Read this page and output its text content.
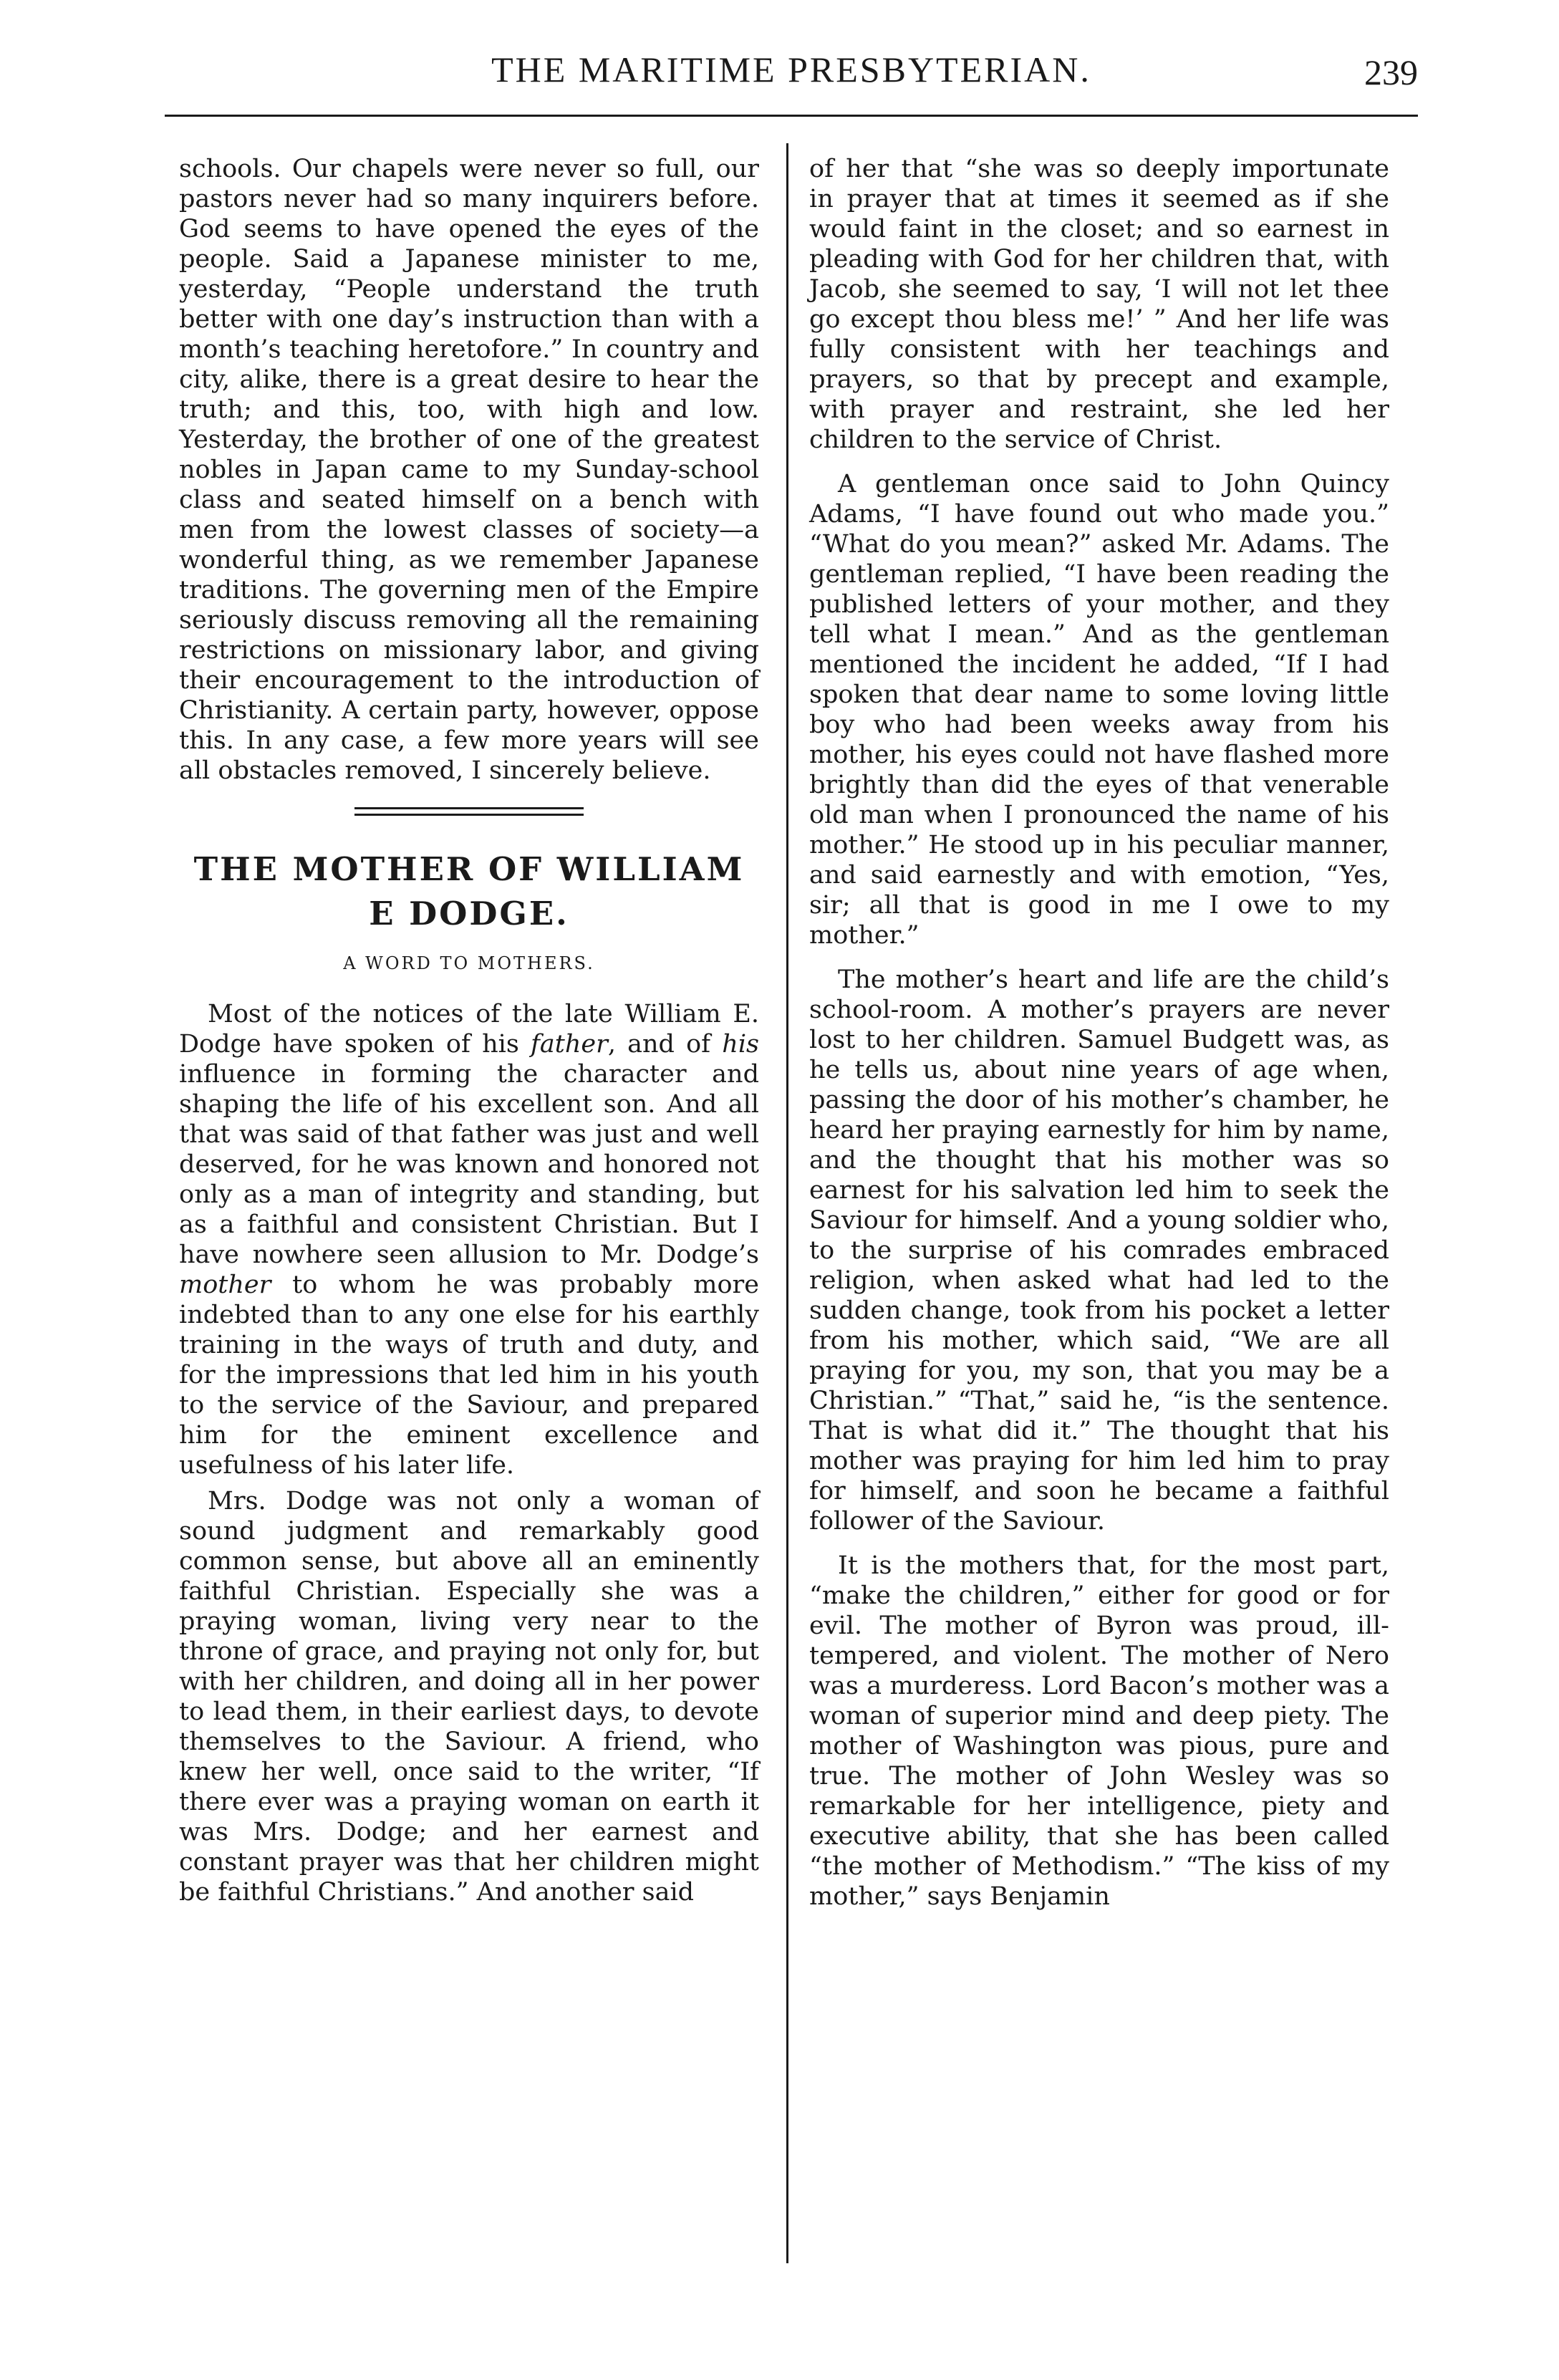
THE MARITIME PRESBYTERIAN.	239

schools. Our chapels were never so full, our pastors never had so many inquirers before. God seems to have opened the eyes of the people. Said a Japanese minister to me, yesterday, “People understand the truth better with one day’s instruction than with a month’s teaching heretofore.” In country and city, alike, there is a great desire to hear the truth; and this, too, with high and low. Yesterday, the brother of one of the greatest nobles in Japan came to my Sunday-school class and seated himself on a bench with men from the lowest classes of society—a wonderful thing, as we remember Japanese traditions. The governing men of the Empire seriously discuss removing all the remaining restrictions on missionary labor, and giving their encouragement to the introduction of Christianity. A certain party, however, oppose this. In any case, a few more years will see all obstacles removed, I sincerely believe.

THE MOTHER OF WILLIAM E DODGE.
A WORD TO MOTHERS.

Most of the notices of the late William E. Dodge have spoken of his father, and of his influence in forming the character and shaping the life of his excellent son. And all that was said of that father was just and well deserved, for he was known and honored not only as a man of integrity and standing, but as a faithful and consistent Christian. But I have nowhere seen allusion to Mr. Dodge’s mother to whom he was probably more indebted than to any one else for his earthly training in the ways of truth and duty, and for the impressions that led him in his youth to the service of the Saviour, and prepared him for the eminent excellence and usefulness of his later life.

Mrs. Dodge was not only a woman of sound judgment and remarkably good common sense, but above all an eminently faithful Christian. Especially she was a praying woman, living very near to the throne of grace, and praying not only for, but with her children, and doing all in her power to lead them, in their earliest days, to devote themselves to the Saviour. A friend, who knew her well, once said to the writer, “If there ever was a praying woman on earth it was Mrs. Dodge; and her earnest and constant prayer was that her children might be faithful Christians.” And another said

of her that “she was so deeply importunate in prayer that at times it seemed as if she would faint in the closet; and so earnest in pleading with God for her children that, with Jacob, she seemed to say, ‘I will not let thee go except thou bless me!’ ” And her life was fully consistent with her teachings and prayers, so that by precept and example, with prayer and restraint, she led her children to the service of Christ.

A gentleman once said to John Quincy Adams, “I have found out who made you.” “What do you mean?” asked Mr. Adams. The gentleman replied, “I have been reading the published letters of your mother, and they tell what I mean.” And as the gentleman mentioned the incident he added, “If I had spoken that dear name to some loving little boy who had been weeks away from his mother, his eyes could not have flashed more brightly than did the eyes of that venerable old man when I pronounced the name of his mother.” He stood up in his peculiar manner, and said earnestly and with emotion, “Yes, sir; all that is good in me I owe to my mother.”

The mother’s heart and life are the child’s school-room. A mother’s prayers are never lost to her children. Samuel Budgett was, as he tells us, about nine years of age when, passing the door of his mother’s chamber, he heard her praying earnestly for him by name, and the thought that his mother was so earnest for his salvation led him to seek the Saviour for himself. And a young soldier who, to the surprise of his comrades embraced religion, when asked what had led to the sudden change, took from his pocket a letter from his mother, which said, “We are all praying for you, my son, that you may be a Christian.” “That,” said he, “is the sentence. That is what did it.” The thought that his mother was praying for him led him to pray for himself, and soon he became a faithful follower of the Saviour.

It is the mothers that, for the most part, “make the children,” either for good or for evil. The mother of Byron was proud, ill-tempered, and violent. The mother of Nero was a murderess. Lord Bacon’s mother was a woman of superior mind and deep piety. The mother of Washington was pious, pure and true. The mother of John Wesley was so remarkable for her intelligence, piety and executive ability, that she has been called “the mother of Methodism.” “The kiss of my mother,” says Benjamin
